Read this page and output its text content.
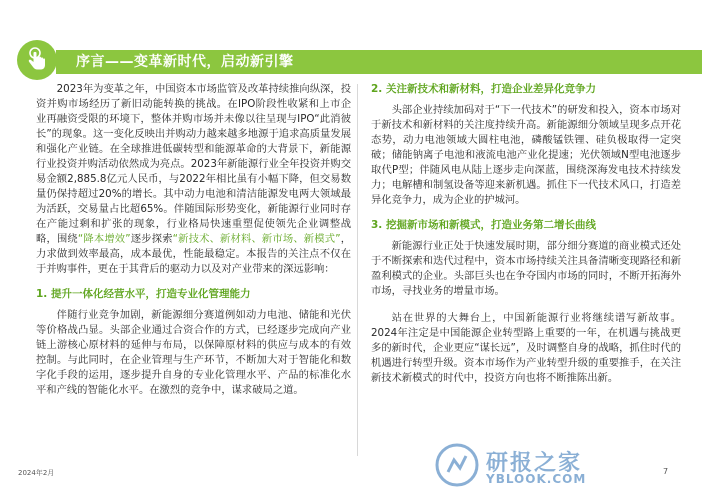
序言——变革新时代，启动新引擎

2023年为变革之年，中国资本市场监管及改革持续推向纵深，投资并购市场经历了新旧动能转换的挑战。在IPO阶段性收紧和上市企业再融资受限的环境下，整体并购市场并未像以往呈现与IPO“此消彼长”的现象。这一变化反映出并购动力越来越多地源于追求高质量发展和强化产业链。在全球推进低碳转型和能源革命的大背景下，新能源行业投资并购活动依然成为亮点。2023年新能源行业全年投资并购交易金额2,885.8亿元人民币，与2022年相比虽有小幅下降，但交易数量仍保持超过20%的增长。其中动力电池和清洁能源发电两大领域最为活跃，交易量占比超65%。伴随国际形势变化，新能源行业同时存在产能过剩和扩张的现象，行业格局快速重塑促使领先企业调整战略，围绕“降本增效”逐步探索“新技术、新材料、新市场、新模式”，力求做到效率最高，成本最优，性能最稳定。本报告的关注点不仅在于并购事件，更在于其背后的驱动力以及对产业带来的深远影响：

1. 提升一体化经营水平，打造专业化管理能力

伴随行业竞争加剧，新能源细分赛道例如动力电池、储能和光伏等价格战凸显。头部企业通过合资合作的方式，已经逐步完成向产业链上游核心原材料的延伸与布局，以保障原材料的供应与成本的有效控制。与此同时，在企业管理与生产环节，不断加大对于智能化和数字化手段的运用，逐步提升自身的专业化管理水平、产品的标准化水平和产线的智能化水平。在激烈的竞争中，谋求破局之道。

2. 关注新技术和新材料，打造企业差异化竞争力

头部企业持续加码对于“下一代技术”的研发和投入，资本市场对于新技术和新材料的关注度持续升高。新能源细分领域呈现多点开花态势，动力电池领域大圆柱电池，磷酸锰铁锂、硅负极取得一定突破；储能钠离子电池和液流电池产业化提速；光伏领域N型电池逐步取代P型；伴随风电从陆上逐步走向深蓝，围绕深海发电技术持续发力；电解槽和制氢设备等迎来新机遇。抓住下一代技术风口，打造差异化竞争力，成为企业的护城河。

3. 挖掘新市场和新模式，打造业务第二增长曲线

新能源行业正处于快速发展时期，部分细分赛道的商业模式还处于不断探索和迭代过程中，资本市场持续关注具备清晰变现路径和新盈利模式的企业。头部巨头也在争夺国内市场的同时，不断开拓海外市场，寻找业务的增量市场。

站在世界的大舞台上，中国新能源行业将继续谱写新故事。2024年注定是中国能源企业转型路上重要的一年，在机遇与挑战更多的新时代，企业更应“谋长远”，及时调整自身的战略，抓住时代的机遇进行转型升级。资本市场作为产业转型升级的重要推手，在关注新技术新模式的时代中，投资方向也将不断推陈出新。

研报之家
YBLOOK.COM
2024年2月	7
